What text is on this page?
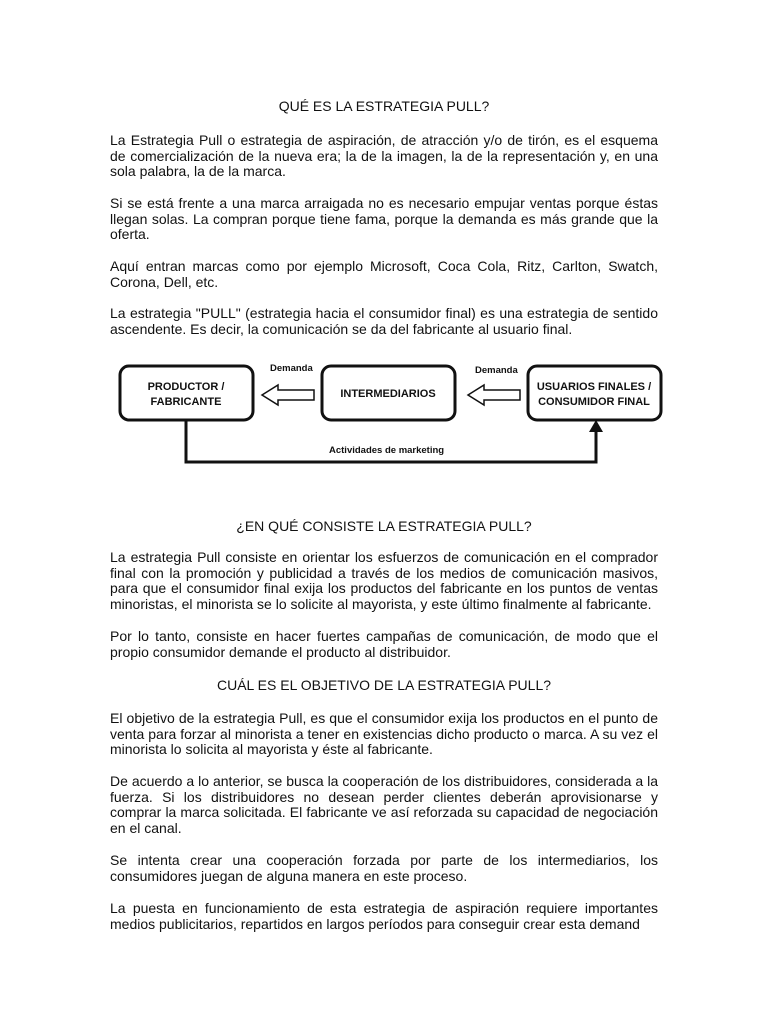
QUÉ ES LA ESTRATEGIA PULL?

La Estrategia Pull o estrategia de aspiración, de atracción y/o de tirón, es el esquema de comercialización de la nueva era; la de la imagen, la de la representación y, en una sola palabra, la de la marca.

Si se está frente a una marca arraigada no es necesario empujar ventas porque éstas llegan solas. La compran porque tiene fama, porque la demanda es más grande que la oferta.

Aquí entran marcas como por ejemplo Microsoft, Coca Cola, Ritz, Carlton, Swatch, Corona, Dell, etc.

La estrategia "PULL" (estrategia hacia el consumidor final) es una estrategia de sentido ascendente. Es decir, la comunicación se da del fabricante al usuario final.

PRODUCTOR /
FABRICANTE
INTERMEDIARIOS
USUARIOS FINALES /
CONSUMIDOR FINAL
Demanda	Demanda
Actividades de marketing
¿EN QUÉ CONSISTE LA ESTRATEGIA PULL?

La estrategia Pull consiste en orientar los esfuerzos de comunicación en el comprador final con la promoción y publicidad a través de los medios de comunicación masivos, para que el consumidor final exija los productos del fabricante en los puntos de ventas minoristas, el minorista se lo solicite al mayorista, y este último finalmente al fabricante.

Por lo tanto, consiste en hacer fuertes campañas de comunicación, de modo que el propio consumidor demande el producto al distribuidor.

CUÁL ES EL OBJETIVO DE LA ESTRATEGIA PULL?

El objetivo de la estrategia Pull, es que el consumidor exija los productos en el punto de venta para forzar al minorista a tener en existencias dicho producto o marca. A su vez el minorista lo solicita al mayorista y éste al fabricante.

De acuerdo a lo anterior, se busca la cooperación de los distribuidores, considerada a la fuerza. Si los distribuidores no desean perder clientes deberán aprovisionarse y comprar la marca solicitada. El fabricante ve así reforzada su capacidad de negociación en el canal.

Se intenta crear una cooperación forzada por parte de los intermediarios, los consumidores juegan de alguna manera en este proceso.

La puesta en funcionamiento de esta estrategia de aspiración requiere importantes medios publicitarios, repartidos en largos períodos para conseguir crear esta demand
